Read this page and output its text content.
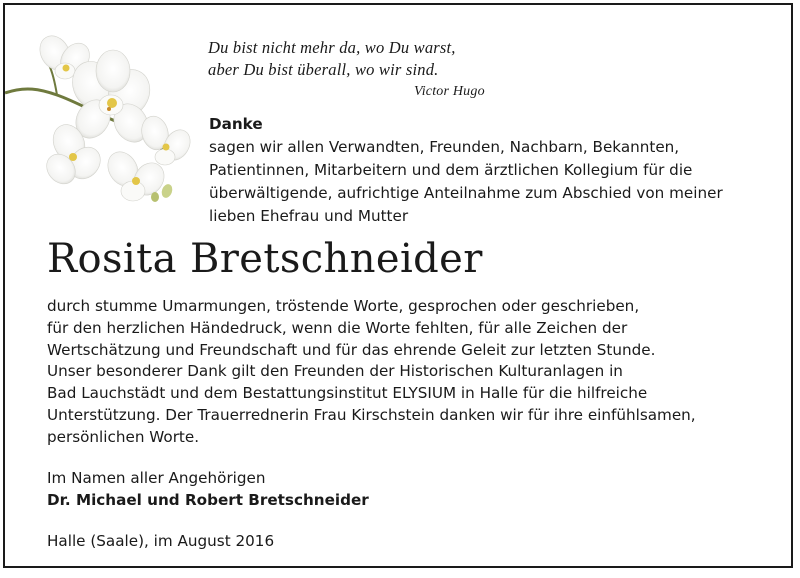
Du bist nicht mehr da, wo Du warst,
aber Du bist überall, wo wir sind.
Victor Hugo
Danke
sagen wir allen Verwandten, Freunden, Nachbarn, Bekannten,
Patientinnen, Mitarbeitern und dem ärztlichen Kollegium für die
überwältigende, aufrichtige Anteilnahme zum Abschied von meiner
lieben Ehefrau und Mutter
Rosita Bretschneider
durch stumme Umarmungen, tröstende Worte, gesprochen oder geschrieben,
für den herzlichen Händedruck, wenn die Worte fehlten, für alle Zeichen der
Wertschätzung und Freundschaft und für das ehrende Geleit zur letzten Stunde.
Unser besonderer Dank gilt den Freunden der Historischen Kulturanlagen in
Bad Lauchstädt und dem Bestattungsinstitut ELYSIUM in Halle für die hilfreiche
Unterstützung. Der Trauerrednerin Frau Kirschstein danken wir für ihre einfühlsamen,
persönlichen Worte.
Im Namen aller Angehörigen
Dr. Michael und Robert Bretschneider
Halle (Saale), im August 2016
